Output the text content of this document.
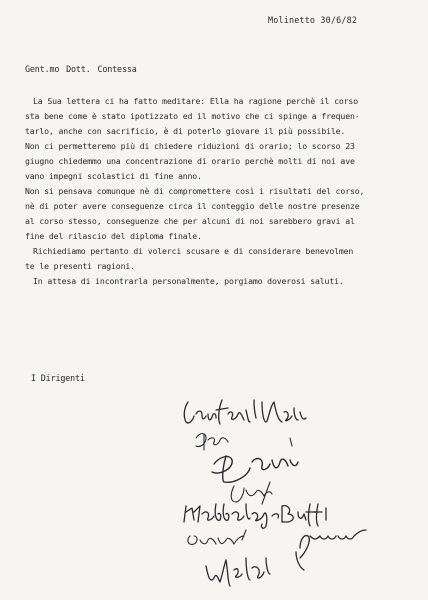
Molinetto 30/6/82
Gent.mo Dott. Contessa
La Sua lettera ci ha fatto meditare: Ella ha ragione perchè il corso
sta bene come è stato ipotizzato ed il motivo che ci spinge a frequen-
tarlo, anche con sacrificio, è di poterlo giovare il più possibile.
Non ci permetteremo più di chiedere riduzioni di orario; lo scorso 23
giugno chiedemmo una concentrazione di orario perchè molti di noi ave
vano impegni scolastici di fine anno.
Non si pensava comunque nè di compromettere così i risultati del corso,
nè di poter avere conseguenze circa il conteggio delle nostre presenze
al corso stesso, conseguenze che per alcuni di noi sarebbero gravi al
fine del rilascio del diploma finale.
Richiediamo pertanto di volerci scusare e di considerare benevolmen
te le presenti ragioni.
In attesa di incontrarla personalmente, porgiamo doverosi saluti.
I Dirigenti
